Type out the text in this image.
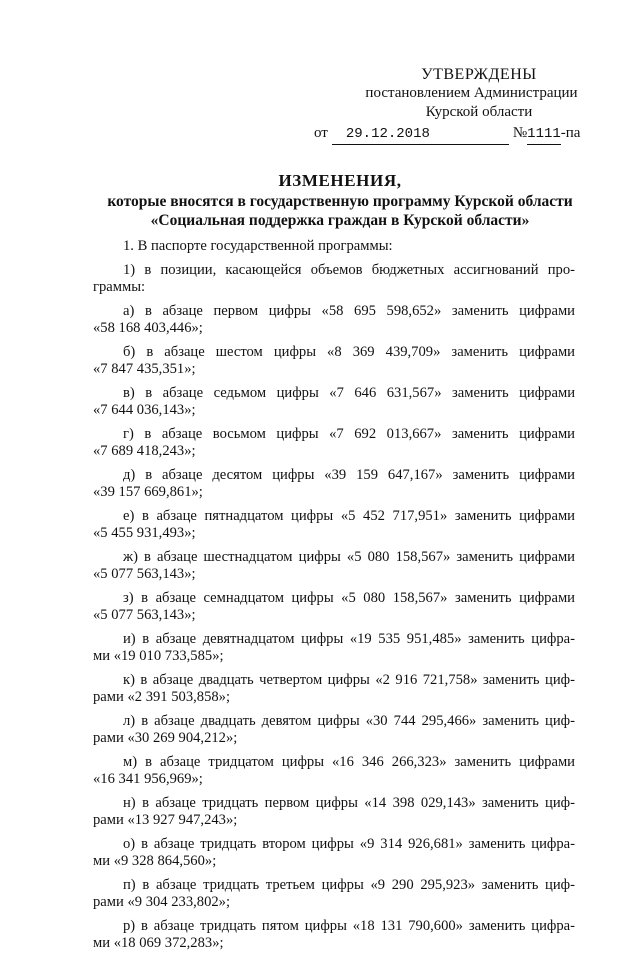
УТВЕРЖДЕНЫ
постановлением Администрации
Курской области
от	29.12.2018	№ 1111 -па
ИЗМЕНЕНИЯ,
которые вносятся в государственную программу Курской области
«Социальная поддержка граждан в Курской области»
1. В паспорте государственной программы:
1) в позиции, касающейся объемов бюджетных ассигнований про-
граммы:
а) в абзаце первом цифры «58 695 598,652» заменить цифрами
«58 168 403,446»;
б) в абзаце шестом цифры «8 369 439,709» заменить цифрами
«7 847 435,351»;
в) в абзаце седьмом цифры «7 646 631,567» заменить цифрами
«7 644 036,143»;
г) в абзаце восьмом цифры «7 692 013,667» заменить цифрами
«7 689 418,243»;
д) в абзаце десятом цифры «39 159 647,167» заменить цифрами
«39 157 669,861»;
е) в абзаце пятнадцатом цифры «5 452 717,951» заменить цифрами
«5 455 931,493»;
ж) в абзаце шестнадцатом цифры «5 080 158,567» заменить цифрами
«5 077 563,143»;
з) в абзаце семнадцатом цифры «5 080 158,567» заменить цифрами
«5 077 563,143»;
и) в абзаце девятнадцатом цифры «19 535 951,485» заменить цифра-
ми «19 010 733,585»;
к) в абзаце двадцать четвертом цифры «2 916 721,758» заменить циф-
рами «2 391 503,858»;
л) в абзаце двадцать девятом цифры «30 744 295,466» заменить циф-
рами «30 269 904,212»;
м) в абзаце тридцатом цифры «16 346 266,323» заменить цифрами
«16 341 956,969»;
н) в абзаце тридцать первом цифры «14 398 029,143» заменить циф-
рами «13 927 947,243»;
о) в абзаце тридцать втором цифры «9 314 926,681» заменить цифра-
ми «9 328 864,560»;
п) в абзаце тридцать третьем цифры «9 290 295,923» заменить циф-
рами «9 304 233,802»;
р) в абзаце тридцать пятом цифры «18 131 790,600» заменить цифра-
ми «18 069 372,283»;
